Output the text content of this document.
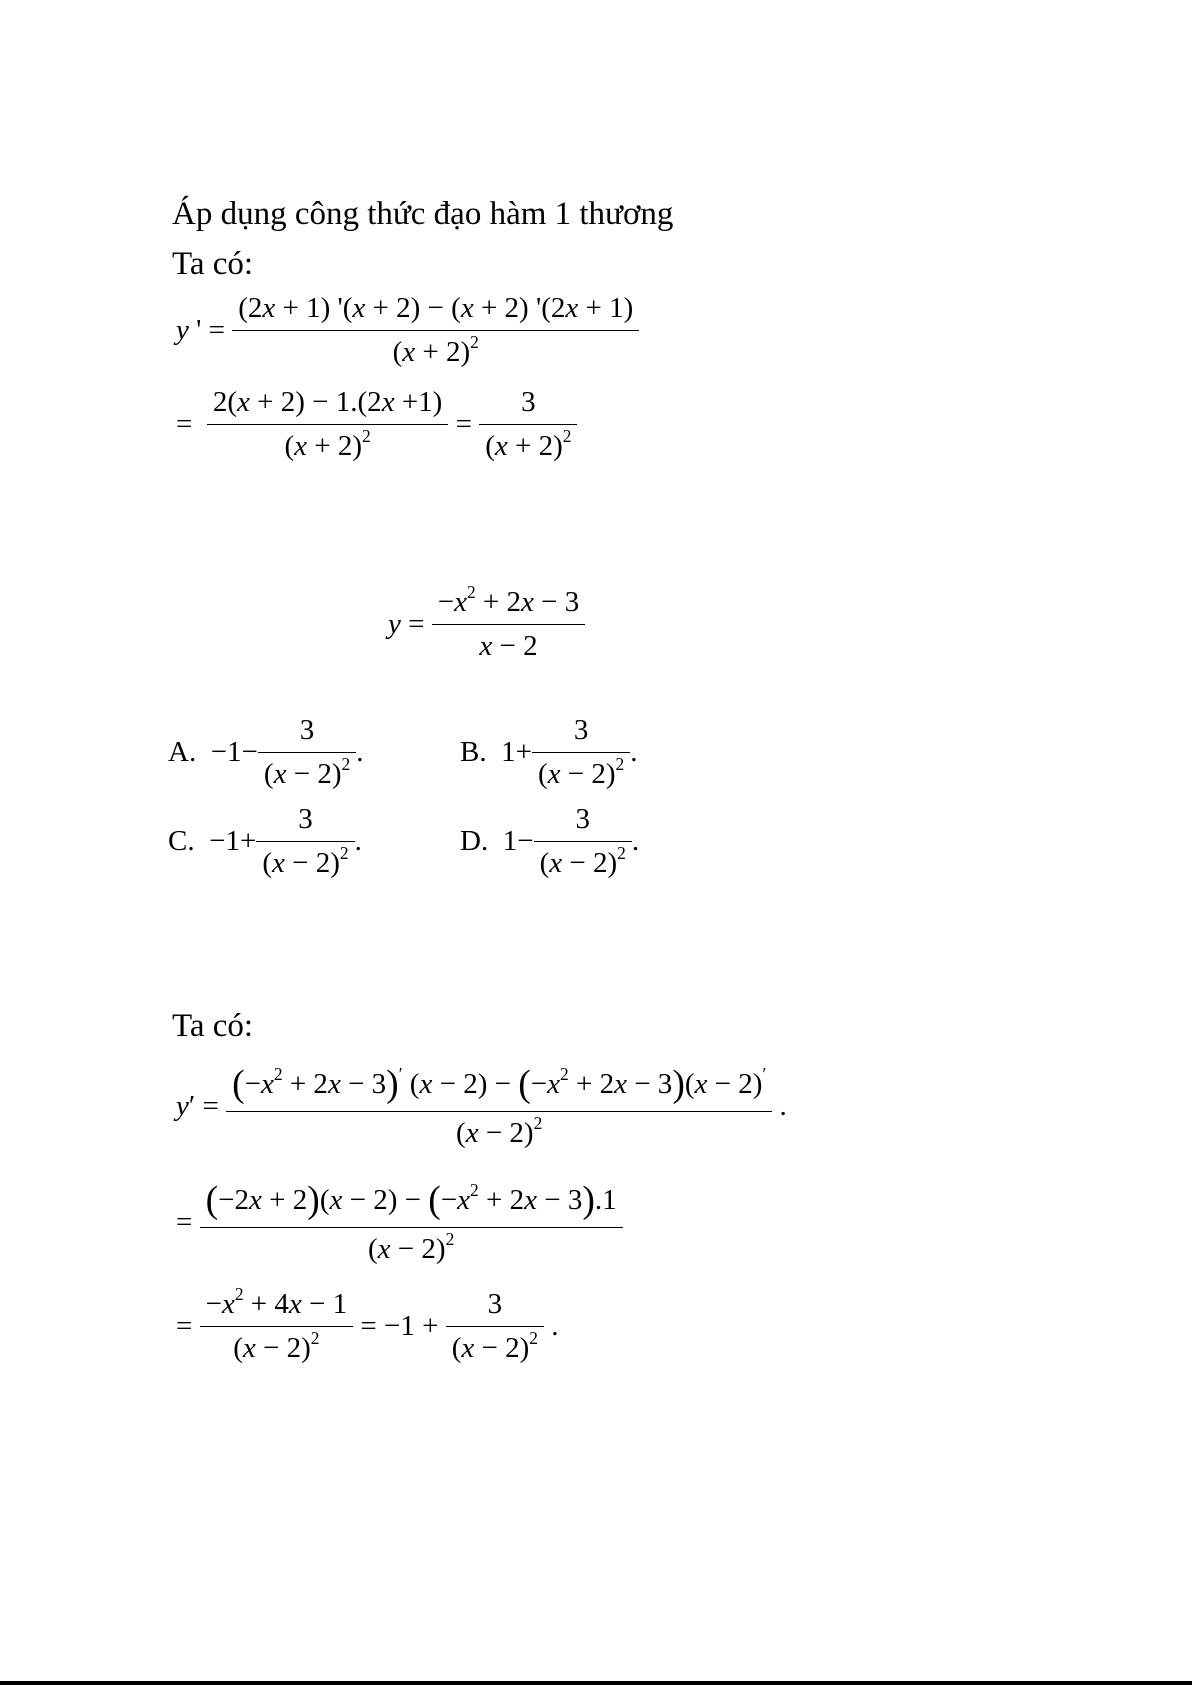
Áp dụng công thức đạo hàm 1 thương
Ta có:
y ' = $\frac{(2x + 1) '(x + 2) - (x + 2) '(2x + 1)}{(x + 2)^2}$
= $\frac{2(x + 2) - 1.(2x +1)}{(x + 2)^2} = \frac{3}{(x + 2)^2}$
$y = \frac{-x^2 + 2x - 3}{x - 2}$
A.
$-1- \frac{3}{(x - 2)^2}$ .	B.
$1+ \frac{3}{(x - 2)^2}$ .
C.
$-1+ \frac{3}{(x - 2)^2}$ .	D.
$1- \frac{3}{(x - 2)^2}$ .
Ta có:
$y' = \frac{(-x^2 + 2x - 3)' (x - 2) - (-x^2 + 2x - 3)(x - 2)'}{(x - 2)^2}$ .
= $\frac{(-2x + 2)(x - 2) - (-x^2 + 2x - 3).1}{(x - 2)^2}$
= $\frac{-x^2 + 4x - 1}{(x - 2)^2} = -1 + \frac{3}{(x - 2)^2}$ .
